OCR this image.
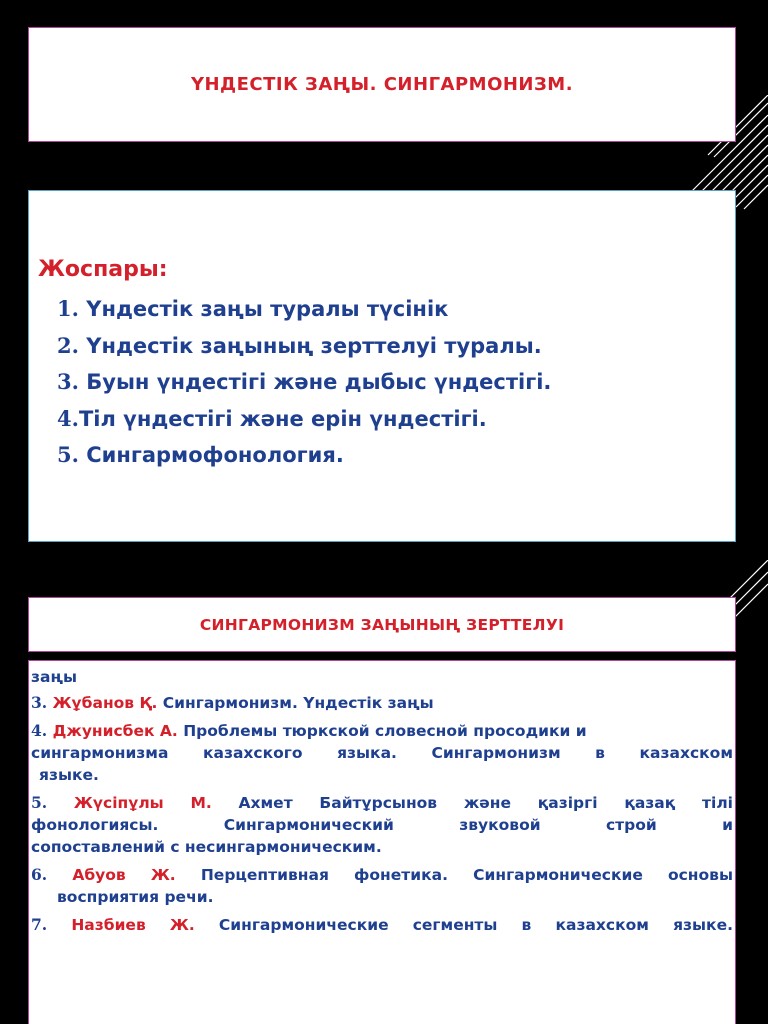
ҮНДЕСТІК ЗАҢЫ. СИНГАРМОНИЗМ.
Жоспары:
1. Үндестік заңы туралы түсінік
2. Үндестік заңының зерттелуі туралы.
3. Буын үндестігі және дыбыс үндестігі.
4.Тіл үндестігі және ерін үндестігі.
5. Сингармофонология.
СИНГАРМОНИЗМ ЗАҢЫНЫҢ ЗЕРТТЕЛУІ

заңы
3. Жұбанов Қ. Сингармонизм. Үндестік заңы
4. Джунисбек А. Проблемы тюркской словесной просодики и
сингармонизма казахского языка. Сингармонизм в казахском
языке.
5. Жүсіпұлы М. Ахмет Байтұрсынов және қазіргі қазақ тілі
фонологиясы. Сингармонический звуковой строй и
сопоставлений с несингармоническим.
6. Абуов Ж. Перцептивная фонетика. Сингармонические основы
восприятия речи.
7. Назбиев Ж. Сингармонические сегменты в казахском языке.
